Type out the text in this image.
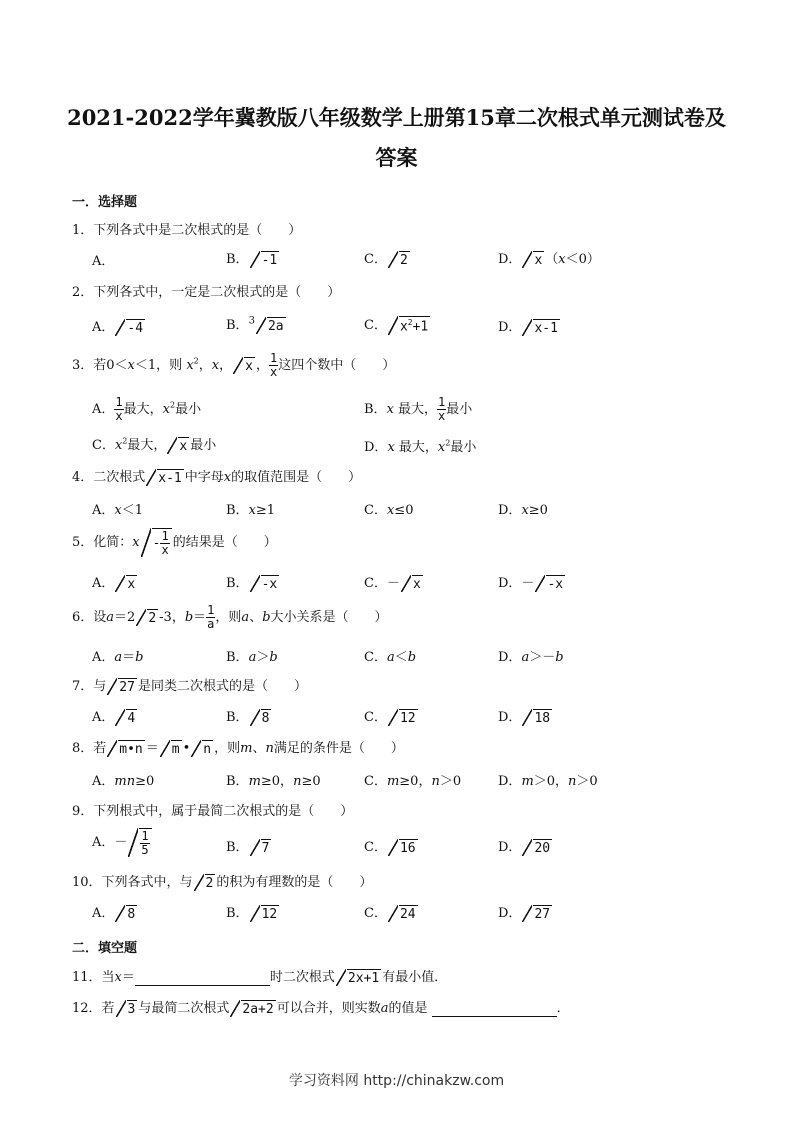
2021-2022学年冀教版八年级数学上册第15章二次根式单元测试卷及
答案
一．选择题
1．下列各式中是二次根式的是（　　）
A．	B． -1	C． 2	D． x （x＜0）
2．下列各式中，一定是二次根式的是（　　）
A． -4	B．$^3$ 2a	C． $x^2+1$	D． x-1
3．若0＜x＜1，则 $x^2$，x， x ， $\frac{1}{x}$ 这四个数中（　　）
A． $\frac{1}{x}$ 最大，$x^2$最小	B．x 最大， $\frac{1}{x}$ 最小
C．$x^2$最大， x 最小	D．x 最大，$x^2$最小
4．二次根式 x-1 中字母x的取值范围是（　　）
A．x＜1	B．x≥1	C．x≤0	D．x≥0
5．化简：x - $\frac{1}{x}$ 的结果是（　　）
A． x	B． -x	C．－ x	D．－ -x
6．设a＝2 2 -3，$b= \frac{1}{a}$ ，则a、b大小关系是（　　）
A．a＝b	B．a＞b	C．a＜b	D．a＞－b
7．与 27 是同类二次根式的是（　　）
A． 4	B． 8	C． 12	D． 18
8．若 m•n ＝ m • n ，则m、n满足的条件是（　　）
A．mn≥0	B．m≥0，n≥0	C．m≥0，n＞0	D．m＞0，n＞0
9．下列根式中，属于最简二次根式的是（　　）
A．－ $\frac{1}{5}$	B． 7	C． 16	D． 20
10．下列各式中，与 2 的积为有理数的是（　　）
A． 8	B． 12	C． 24	D． 27
二．填空题
11．当x＝	时二次根式 2x+1 有最小值．
12．若 3 与最简二次根式 2a+2 可以合并，则实数a的值是	．
学习资料网 http://chinakzw.com
